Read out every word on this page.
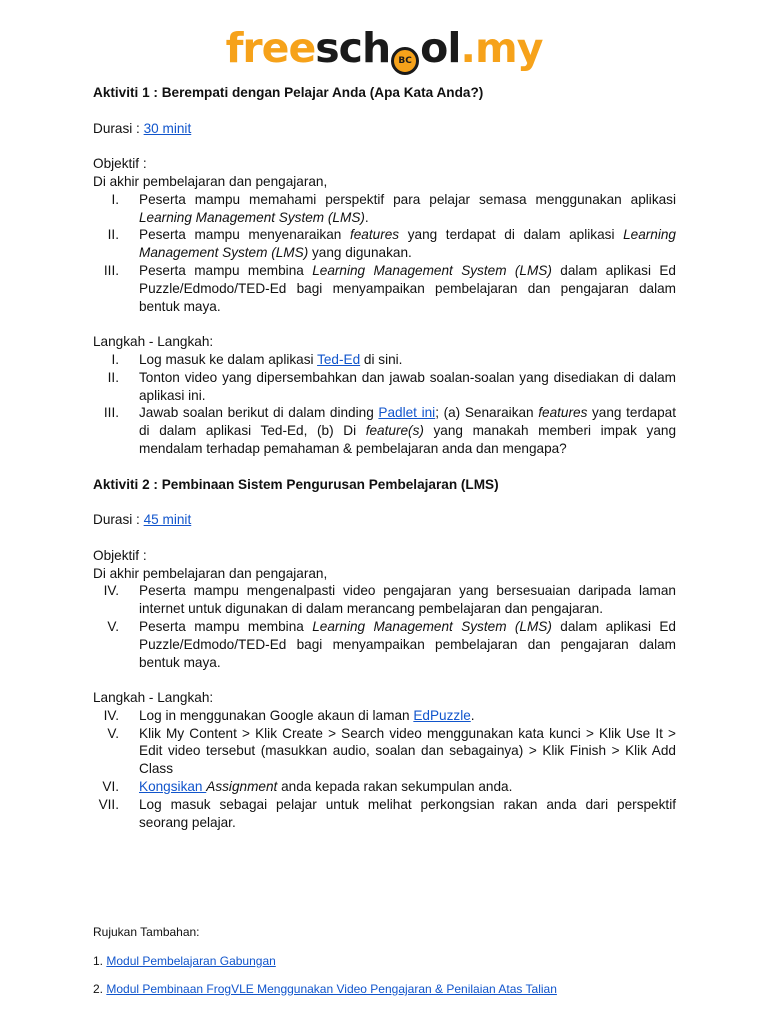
freesch BC ol.my

Aktiviti 1 : Berempati dengan Pelajar Anda (Apa Kata Anda?)

Durasi : 30 minit

Objektif :

Di akhir pembelajaran dan pengajaran,

I. Peserta mampu memahami perspektif para pelajar semasa menggunakan aplikasi Learning Management System (LMS).
II. Peserta mampu menyenaraikan features yang terdapat di dalam aplikasi Learning Management System (LMS) yang digunakan.
III. Peserta mampu membina Learning Management System (LMS) dalam aplikasi Ed Puzzle/Edmodo/TED-Ed bagi menyampaikan pembelajaran dan pengajaran dalam bentuk maya.

Langkah - Langkah:

I. Log masuk ke dalam aplikasi Ted-Ed di sini.
II. Tonton video yang dipersembahkan dan jawab soalan-soalan yang disediakan di dalam aplikasi ini.
III. Jawab soalan berikut di dalam dinding Padlet ini; (a) Senaraikan features yang terdapat di dalam aplikasi Ted-Ed, (b) Di feature(s) yang manakah memberi impak yang mendalam terhadap pemahaman & pembelajaran anda dan mengapa?

Aktiviti 2 : Pembinaan Sistem Pengurusan Pembelajaran (LMS)

Durasi : 45 minit

Objektif :

Di akhir pembelajaran dan pengajaran,

IV. Peserta mampu mengenalpasti video pengajaran yang bersesuaian daripada laman internet untuk digunakan di dalam merancang pembelajaran dan pengajaran.
V. Peserta mampu membina Learning Management System (LMS) dalam aplikasi Ed Puzzle/Edmodo/TED-Ed bagi menyampaikan pembelajaran dan pengajaran dalam bentuk maya.

Langkah - Langkah:

IV. Log in menggunakan Google akaun di laman EdPuzzle.
V. Klik My Content > Klik Create > Search video menggunakan kata kunci > Klik Use It > Edit video tersebut (masukkan audio, soalan dan sebagainya) > Klik Finish > Klik Add Class
VI. Kongsikan Assignment anda kepada rakan sekumpulan anda.
VII. Log masuk sebagai pelajar untuk melihat perkongsian rakan anda dari perspektif seorang pelajar.

Rujukan Tambahan:

1. Modul Pembelajaran Gabungan

2. Modul Pembinaan FrogVLE Menggunakan Video Pengajaran & Penilaian Atas Talian
